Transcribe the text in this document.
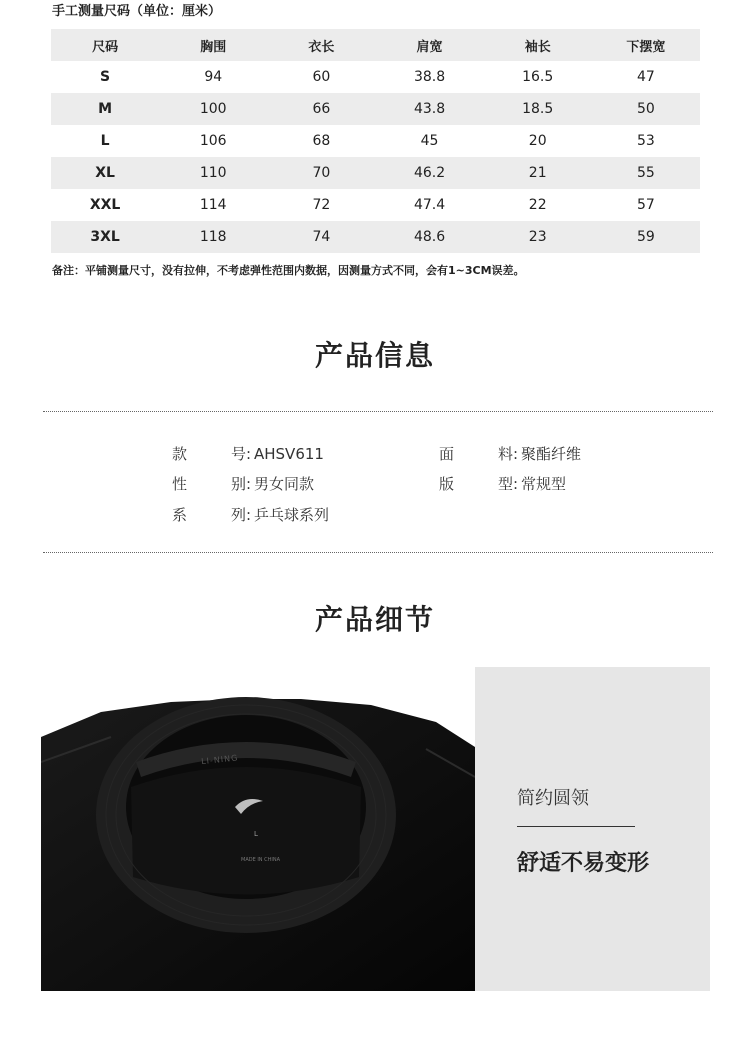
手工测量尺码（单位：厘米）
尺码	胸围	衣长	肩宽	袖长	下摆宽
S	94	60	38.8	16.5	47
M	100	66	43.8	18.5	50
L	106	68	45	20	53
XL	110	70	46.2	21	55
XXL	114	72	47.4	22	57
3XL	118	74	48.6	23	59
备注：平铺测量尺寸，没有拉伸，不考虑弹性范围内数据，因测量方式不同，会有1~3CM误差。
产品信息
款号: AHSV611	面料: 聚酯纤维
性别: 男女同款	版型: 常规型
系列: 乒乓球系列
产品细节
LI-NING
L
MADE IN CHINA
简约圆领
舒适不易变形
